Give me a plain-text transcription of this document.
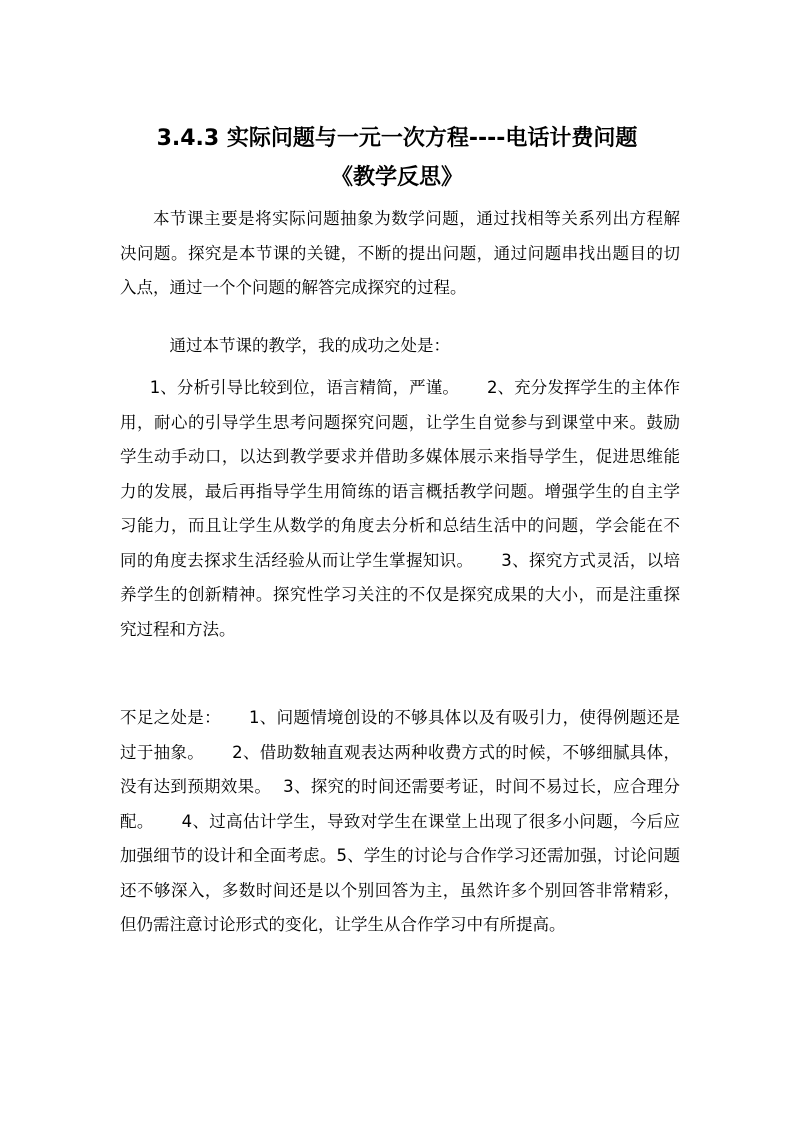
3.4.3 实际问题与一元一次方程----电话计费问题
《教学反思》
本节课主要是将实际问题抽象为数学问题，通过找相等关系列出方程解决问题。探究是本节课的关键，不断的提出问题，通过问题串找出题目的切入点，通过一个个问题的解答完成探究的过程。
通过本节课的教学，我的成功之处是：
1、分析引导比较到位，语言精简，严谨。 2、充分发挥学生的主体作用，耐心的引导学生思考问题探究问题，让学生自觉参与到课堂中来。鼓励学生动手动口，以达到教学要求并借助多媒体展示来指导学生，促进思维能力的发展，最后再指导学生用简练的语言概括教学问题。增强学生的自主学习能力，而且让学生从数学的角度去分析和总结生活中的问题，学会能在不同的角度去探求生活经验从而让学生掌握知识。 3、探究方式灵活，以培养学生的创新精神。探究性学习关注的不仅是探究成果的大小，而是注重探究过程和方法。
不足之处是： 1、问题情境创设的不够具体以及有吸引力，使得例题还是过于抽象。 2、借助数轴直观表达两种收费方式的时候，不够细腻具体，没有达到预期效果。 3、探究的时间还需要考证，时间不易过长，应合理分配。 4、过高估计学生，导致对学生在课堂上出现了很多小问题，今后应加强细节的设计和全面考虑。5、学生的讨论与合作学习还需加强，讨论问题还不够深入，多数时间还是以个别回答为主，虽然许多个别回答非常精彩，但仍需注意讨论形式的变化，让学生从合作学习中有所提高。
